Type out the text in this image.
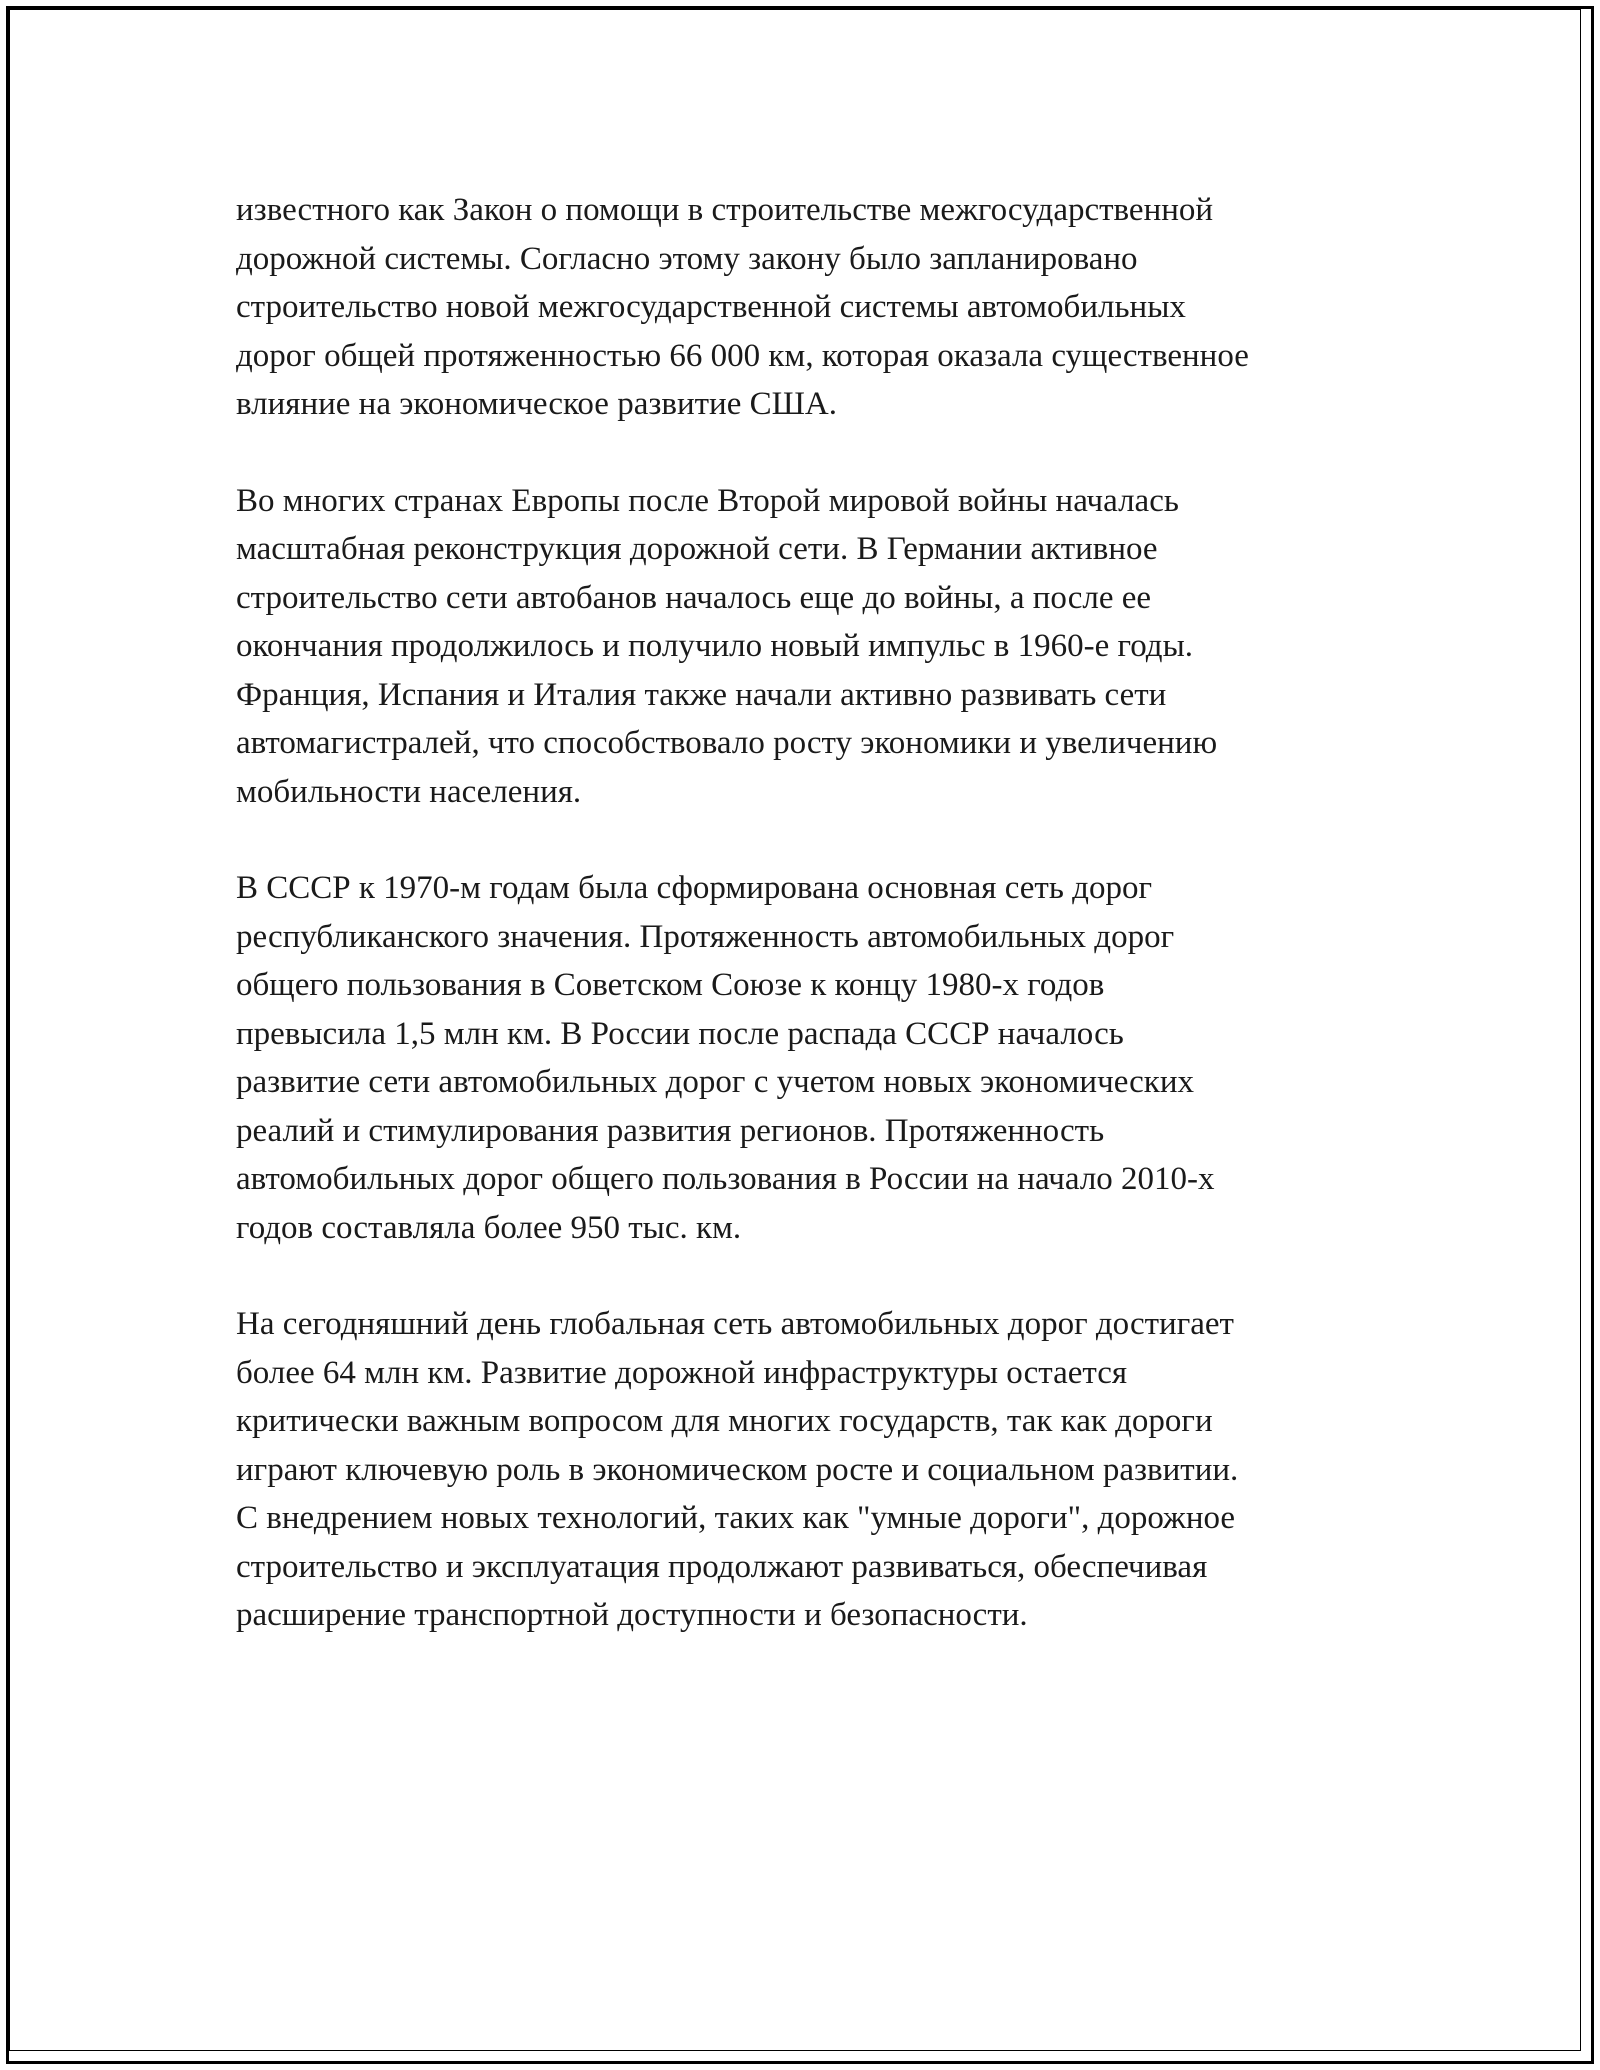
известного как Закон о помощи в строительстве межгосударственной
дорожной системы. Согласно этому закону было запланировано
строительство новой межгосударственной системы автомобильных
дорог общей протяженностью 66 000 км, которая оказала существенное
влияние на экономическое развитие США.

Во многих странах Европы после Второй мировой войны началась
масштабная реконструкция дорожной сети. В Германии активное
строительство сети автобанов началось еще до войны, а после ее
окончания продолжилось и получило новый импульс в 1960-е годы.
Франция, Испания и Италия также начали активно развивать сети
автомагистралей, что способствовало росту экономики и увеличению
мобильности населения.

В СССР к 1970-м годам была сформирована основная сеть дорог
республиканского значения. Протяженность автомобильных дорог
общего пользования в Советском Союзе к концу 1980-х годов
превысила 1,5 млн км. В России после распада СССР началось
развитие сети автомобильных дорог с учетом новых экономических
реалий и стимулирования развития регионов. Протяженность
автомобильных дорог общего пользования в России на начало 2010-х
годов составляла более 950 тыс. км.

На сегодняшний день глобальная сеть автомобильных дорог достигает
более 64 млн км. Развитие дорожной инфраструктуры остается
критически важным вопросом для многих государств, так как дороги
играют ключевую роль в экономическом росте и социальном развитии.
С внедрением новых технологий, таких как "умные дороги", дорожное
строительство и эксплуатация продолжают развиваться, обеспечивая
расширение транспортной доступности и безопасности.
